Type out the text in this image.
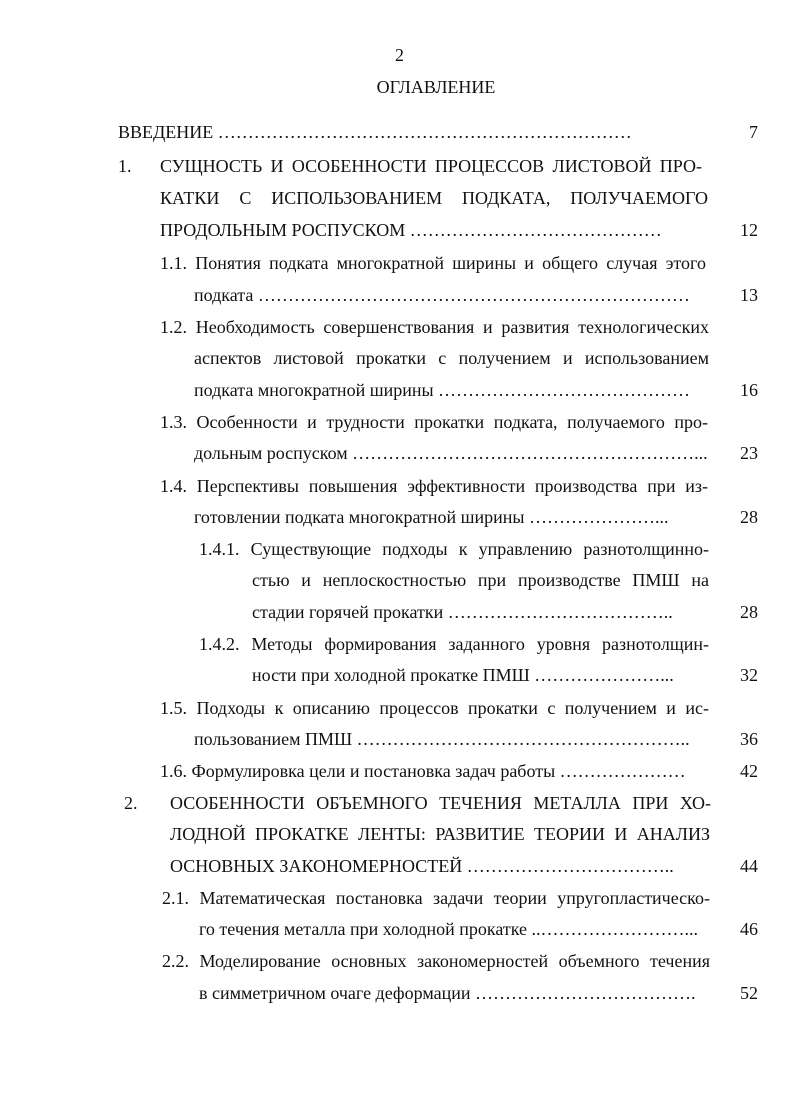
2
ОГЛАВЛЕНИЕ
ВВЕДЕНИЕ ……………………………………………………………	7
1. СУЩНОСТЬ И ОСОБЕННОСТИ ПРОЦЕССОВ ЛИСТОВОЙ ПРО-
КАТКИ С ИСПОЛЬЗОВАНИЕМ ПОДКАТА, ПОЛУЧАЕМОГО
ПРОДОЛЬНЫМ РОСПУСКОМ ……………………………………	12
1.1. Понятия подката многократной ширины и общего случая этого
подката ………………………………………………………………	13
1.2. Необходимость совершенствования и развития технологических
аспектов листовой прокатки с получением и использованием
подката многократной ширины ……………………………………	16
1.3. Особенности и трудности прокатки подката, получаемого про-
дольным роспуском …………………………………………………... 23
1.4. Перспективы повышения эффективности производства при из-
готовлении подката многократной ширины …………………...	28
1.4.1. Существующие подходы к управлению разнотолщинно-
стью и неплоскостностью при производстве ПМШ на
стадии горячей прокатки ………………………………..	28
1.4.2. Методы формирования заданного уровня разнотолщин-
ности при холодной прокатке ПМШ …………………...	32
1.5. Подходы к описанию процессов прокатки с получением и ис-
пользованием ПМШ ………………………………………………..	36
1.6. Формулировка цели и постановка задач работы …………………	42
2. ОСОБЕННОСТИ ОБЪЕМНОГО ТЕЧЕНИЯ МЕТАЛЛА ПРИ ХО-
ЛОДНОЙ ПРОКАТКЕ ЛЕНТЫ: РАЗВИТИЕ ТЕОРИИ И АНАЛИЗ
ОСНОВНЫХ ЗАКОНОМЕРНОСТЕЙ ……………………………..	44
2.1. Математическая постановка задачи теории упругопластическо-
го течения металла при холодной прокатке ..……………………... 46
2.2. Моделирование основных закономерностей объемного течения
в симметричном очаге деформации ………………………………. 52
